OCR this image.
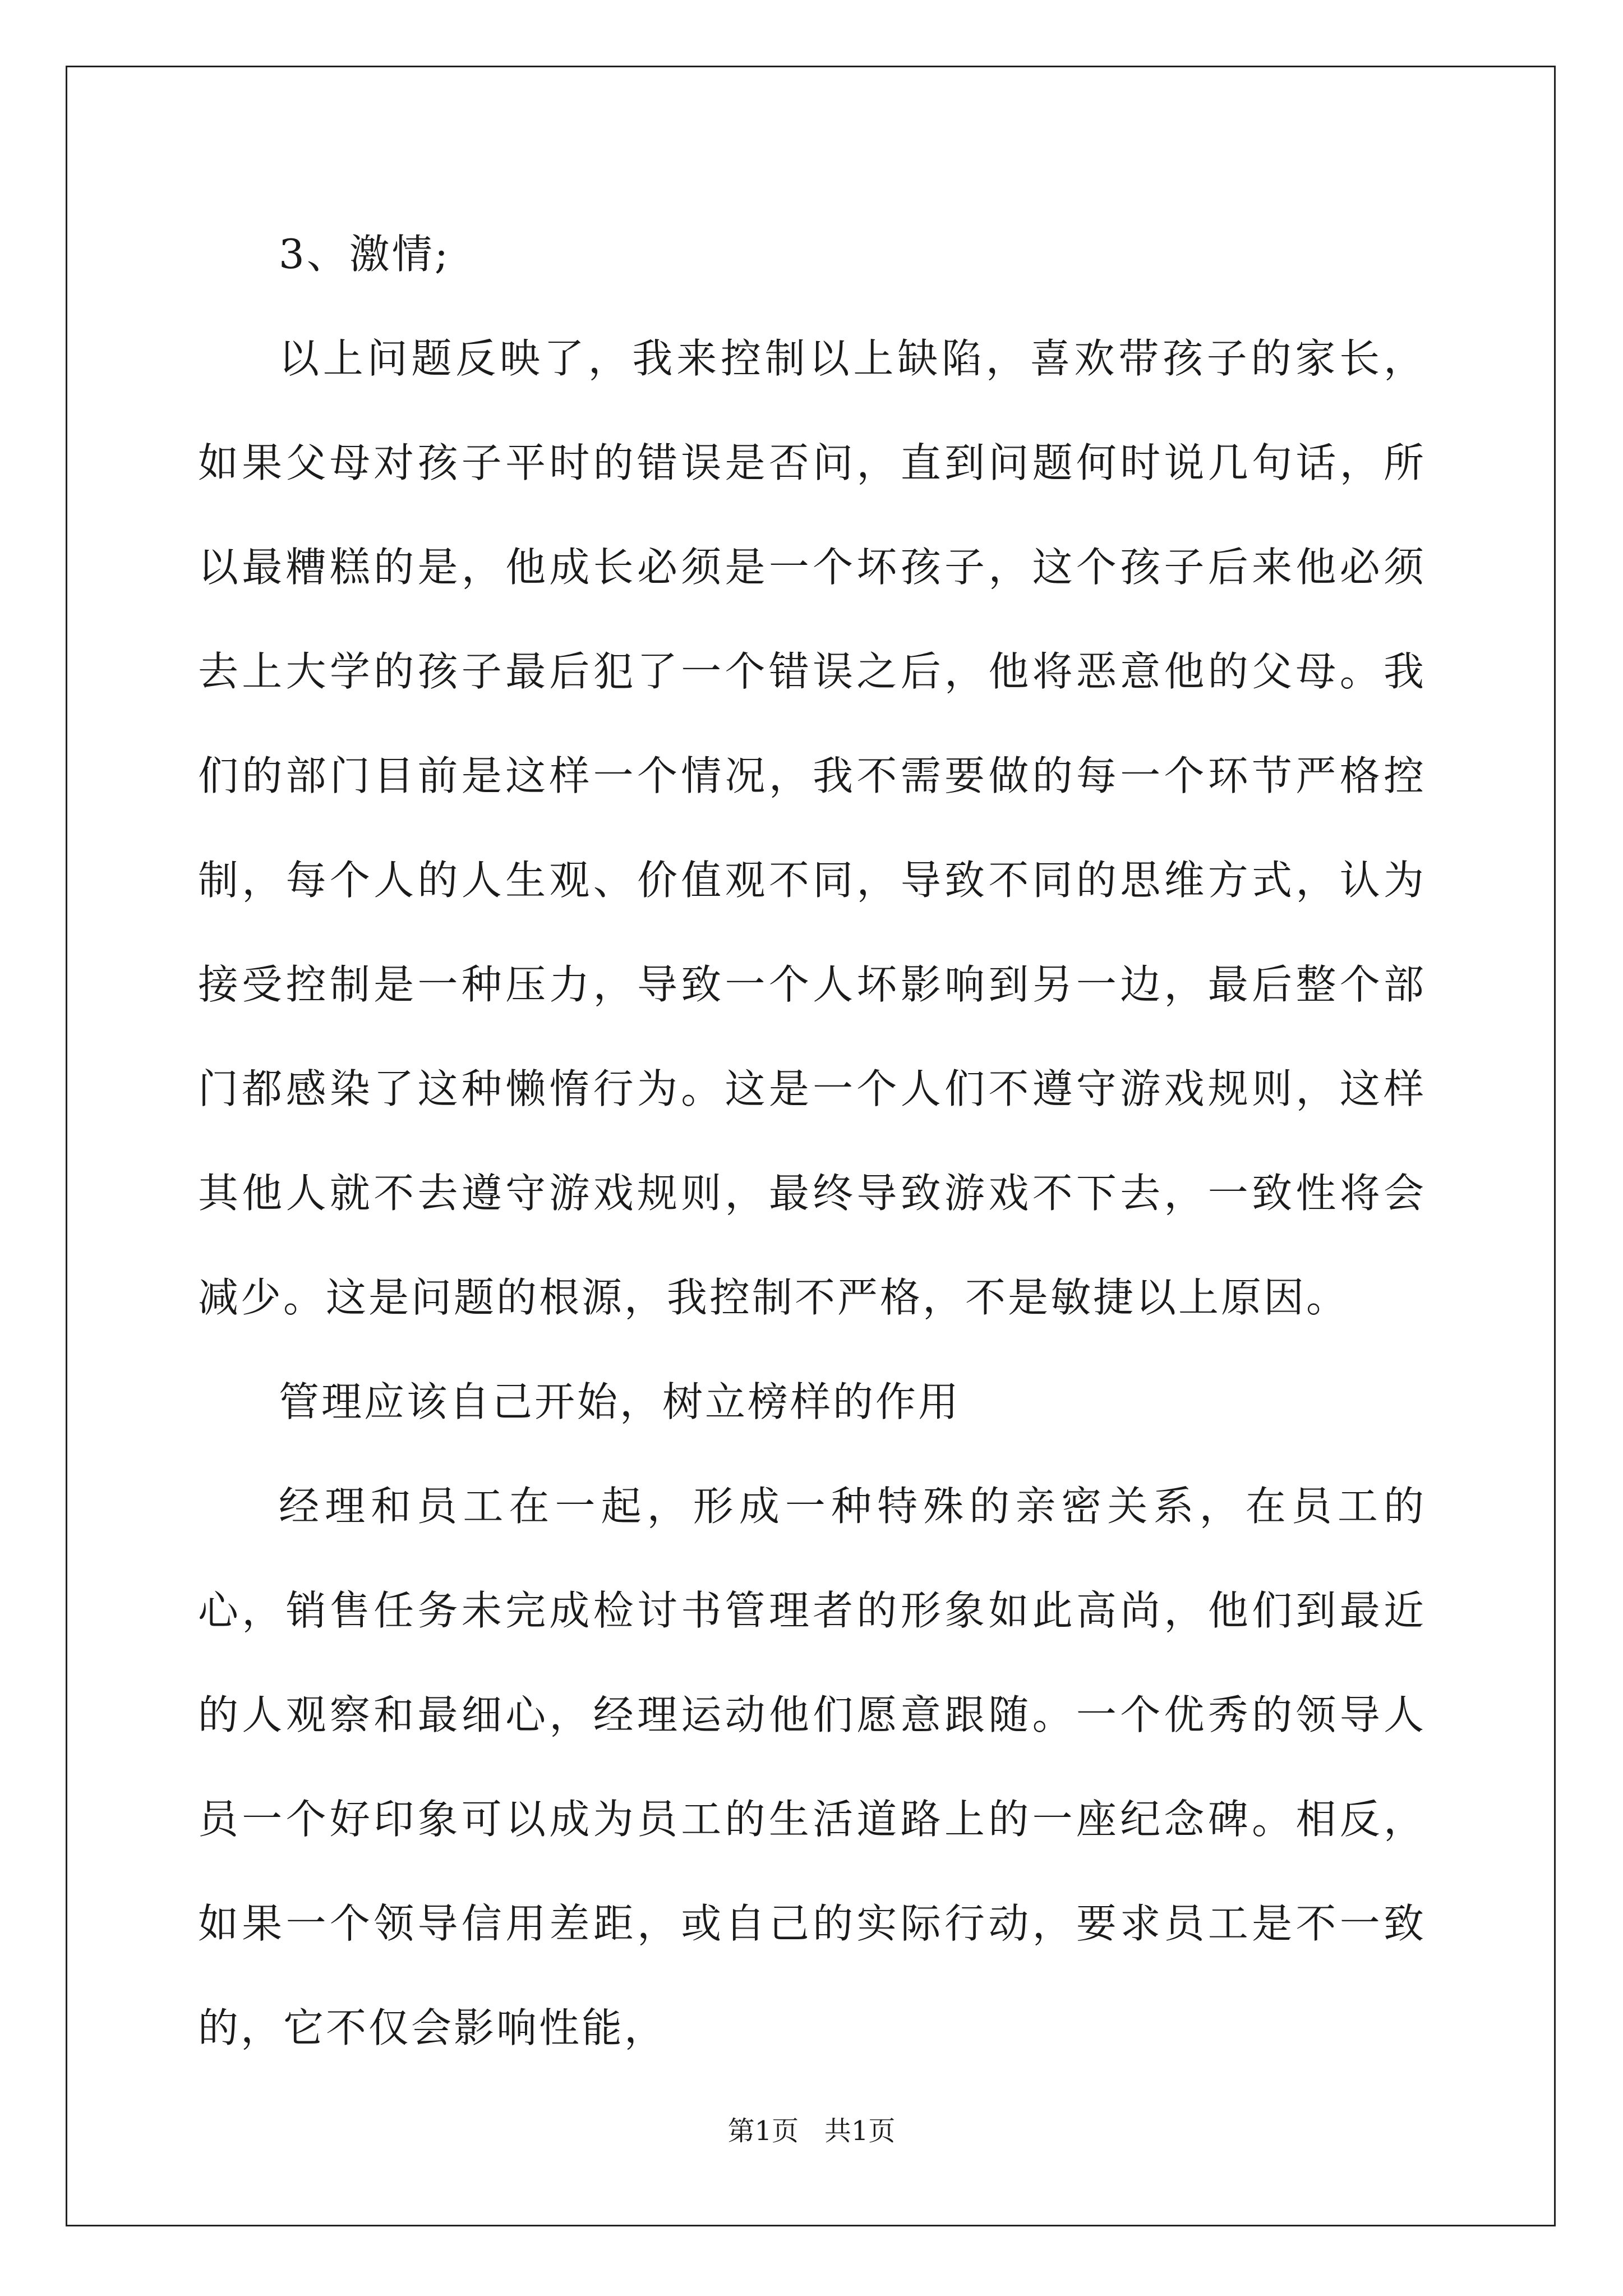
3、激情;

以上问题反映了，我来控制以上缺陷，喜欢带孩子的家长，如果父母对孩子平时的错误是否问，直到问题何时说几句话，所以最糟糕的是，他成长必须是一个坏孩子，这个孩子后来他必须去上大学的孩子最后犯了一个错误之后，他将恶意他的父母。我们的部门目前是这样一个情况，我不需要做的每一个环节严格控制，每个人的人生观、价值观不同，导致不同的思维方式，认为接受控制是一种压力，导致一个人坏影响到另一边，最后整个部门都感染了这种懒惰行为。这是一个人们不遵守游戏规则，这样其他人就不去遵守游戏规则，最终导致游戏不下去，一致性将会减少。这是问题的根源，我控制不严格，不是敏捷以上原因。

管理应该自己开始，树立榜样的作用

经理和员工在一起，形成一种特殊的亲密关系，在员工的心，销售任务未完成检讨书管理者的形象如此高尚，他们到最近的人观察和最细心，经理运动他们愿意跟随。一个优秀的领导人员一个好印象可以成为员工的生活道路上的一座纪念碑。相反，如果一个领导信用差距，或自己的实际行动，要求员工是不一致的，它不仅会影响性能，

第1页   共1页
